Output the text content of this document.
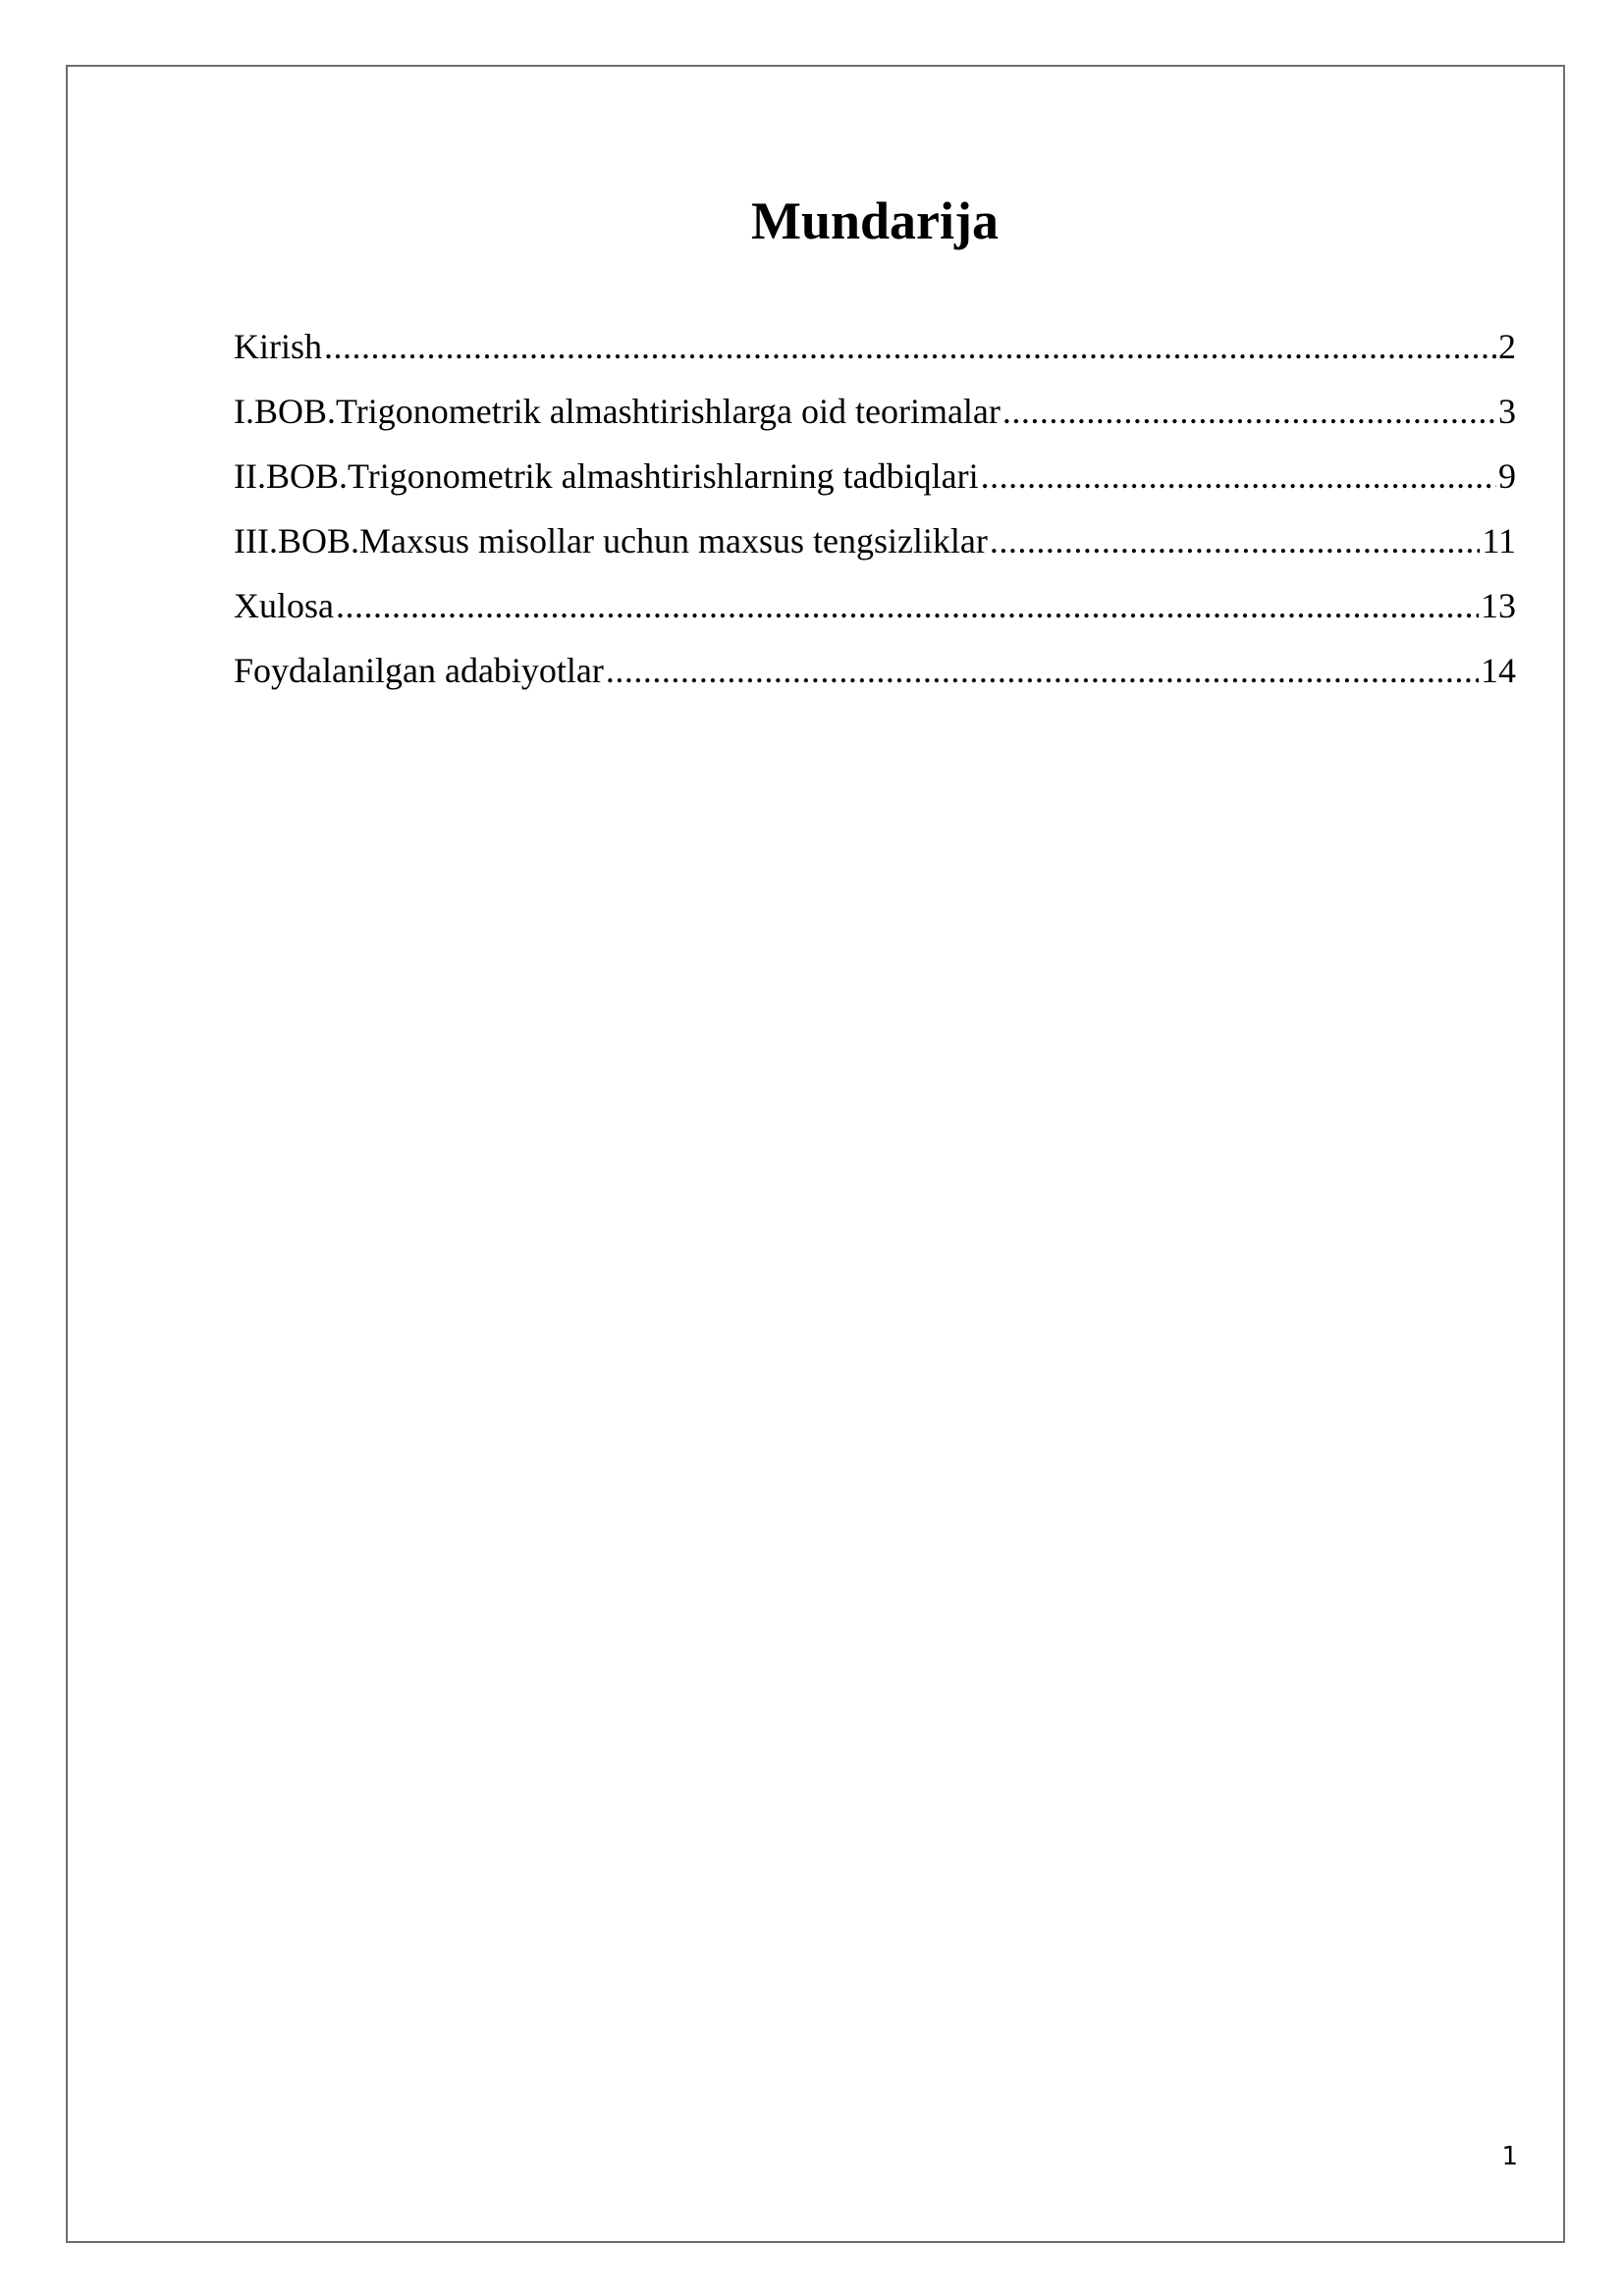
Mundarija
Kirish .....	2
I.BOB.Trigonometrik almashtirishlarga oid teorimalar .....	3
II.BOB.Trigonometrik almashtirishlarning tadbiqlari .....	9
III.BOB.Maxsus misollar uchun maxsus tengsizliklar .....	11
Xulosa .....	13
Foydalanilgan adabiyotlar .....	14
1
